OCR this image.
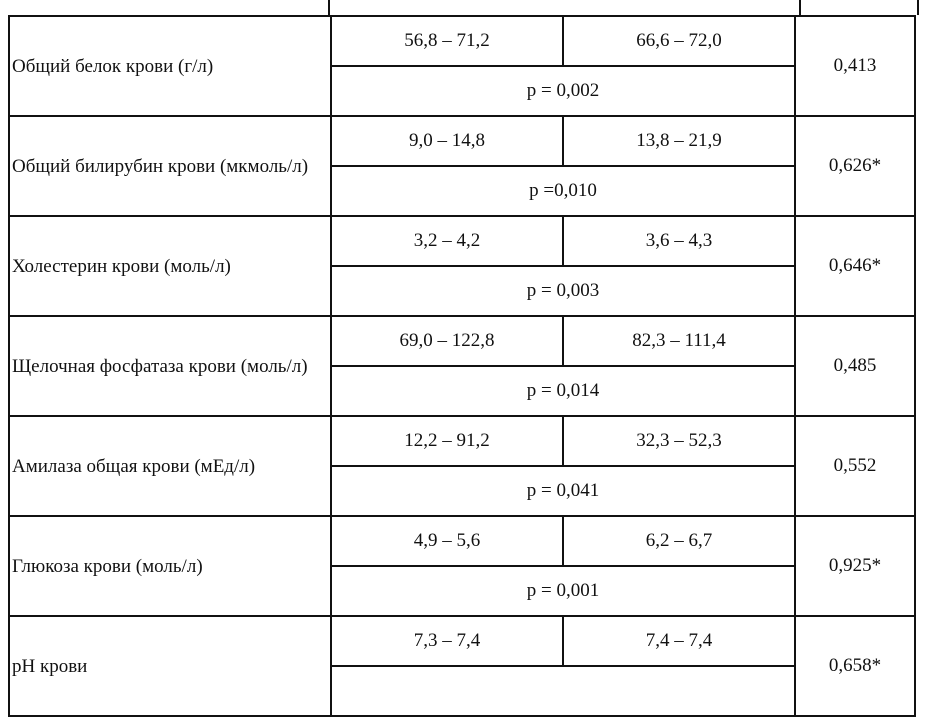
Общий белок крови (г/л)	56,8 – 71,2	66,6 – 72,0	0,413
	p = 0,002		
Общий билирубин крови (мкмоль/л)	9,0 – 14,8	13,8 – 21,9	0,626*
	p =0,010		
Холестерин крови (моль/л)	3,2 – 4,2	3,6 – 4,3	0,646*
	p = 0,003		
Щелочная фосфатаза крови (моль/л)	69,0 – 122,8	82,3 – 111,4	0,485
	p = 0,014		
Амилаза общая крови (мЕд/л)	12,2 – 91,2	32,3 – 52,3	0,552
	p = 0,041		
Глюкоза крови (моль/л)	4,9 – 5,6	6,2 – 6,7	0,925*
	p = 0,001		
pH крови	7,3 – 7,4	7,4 – 7,4	0,658*
